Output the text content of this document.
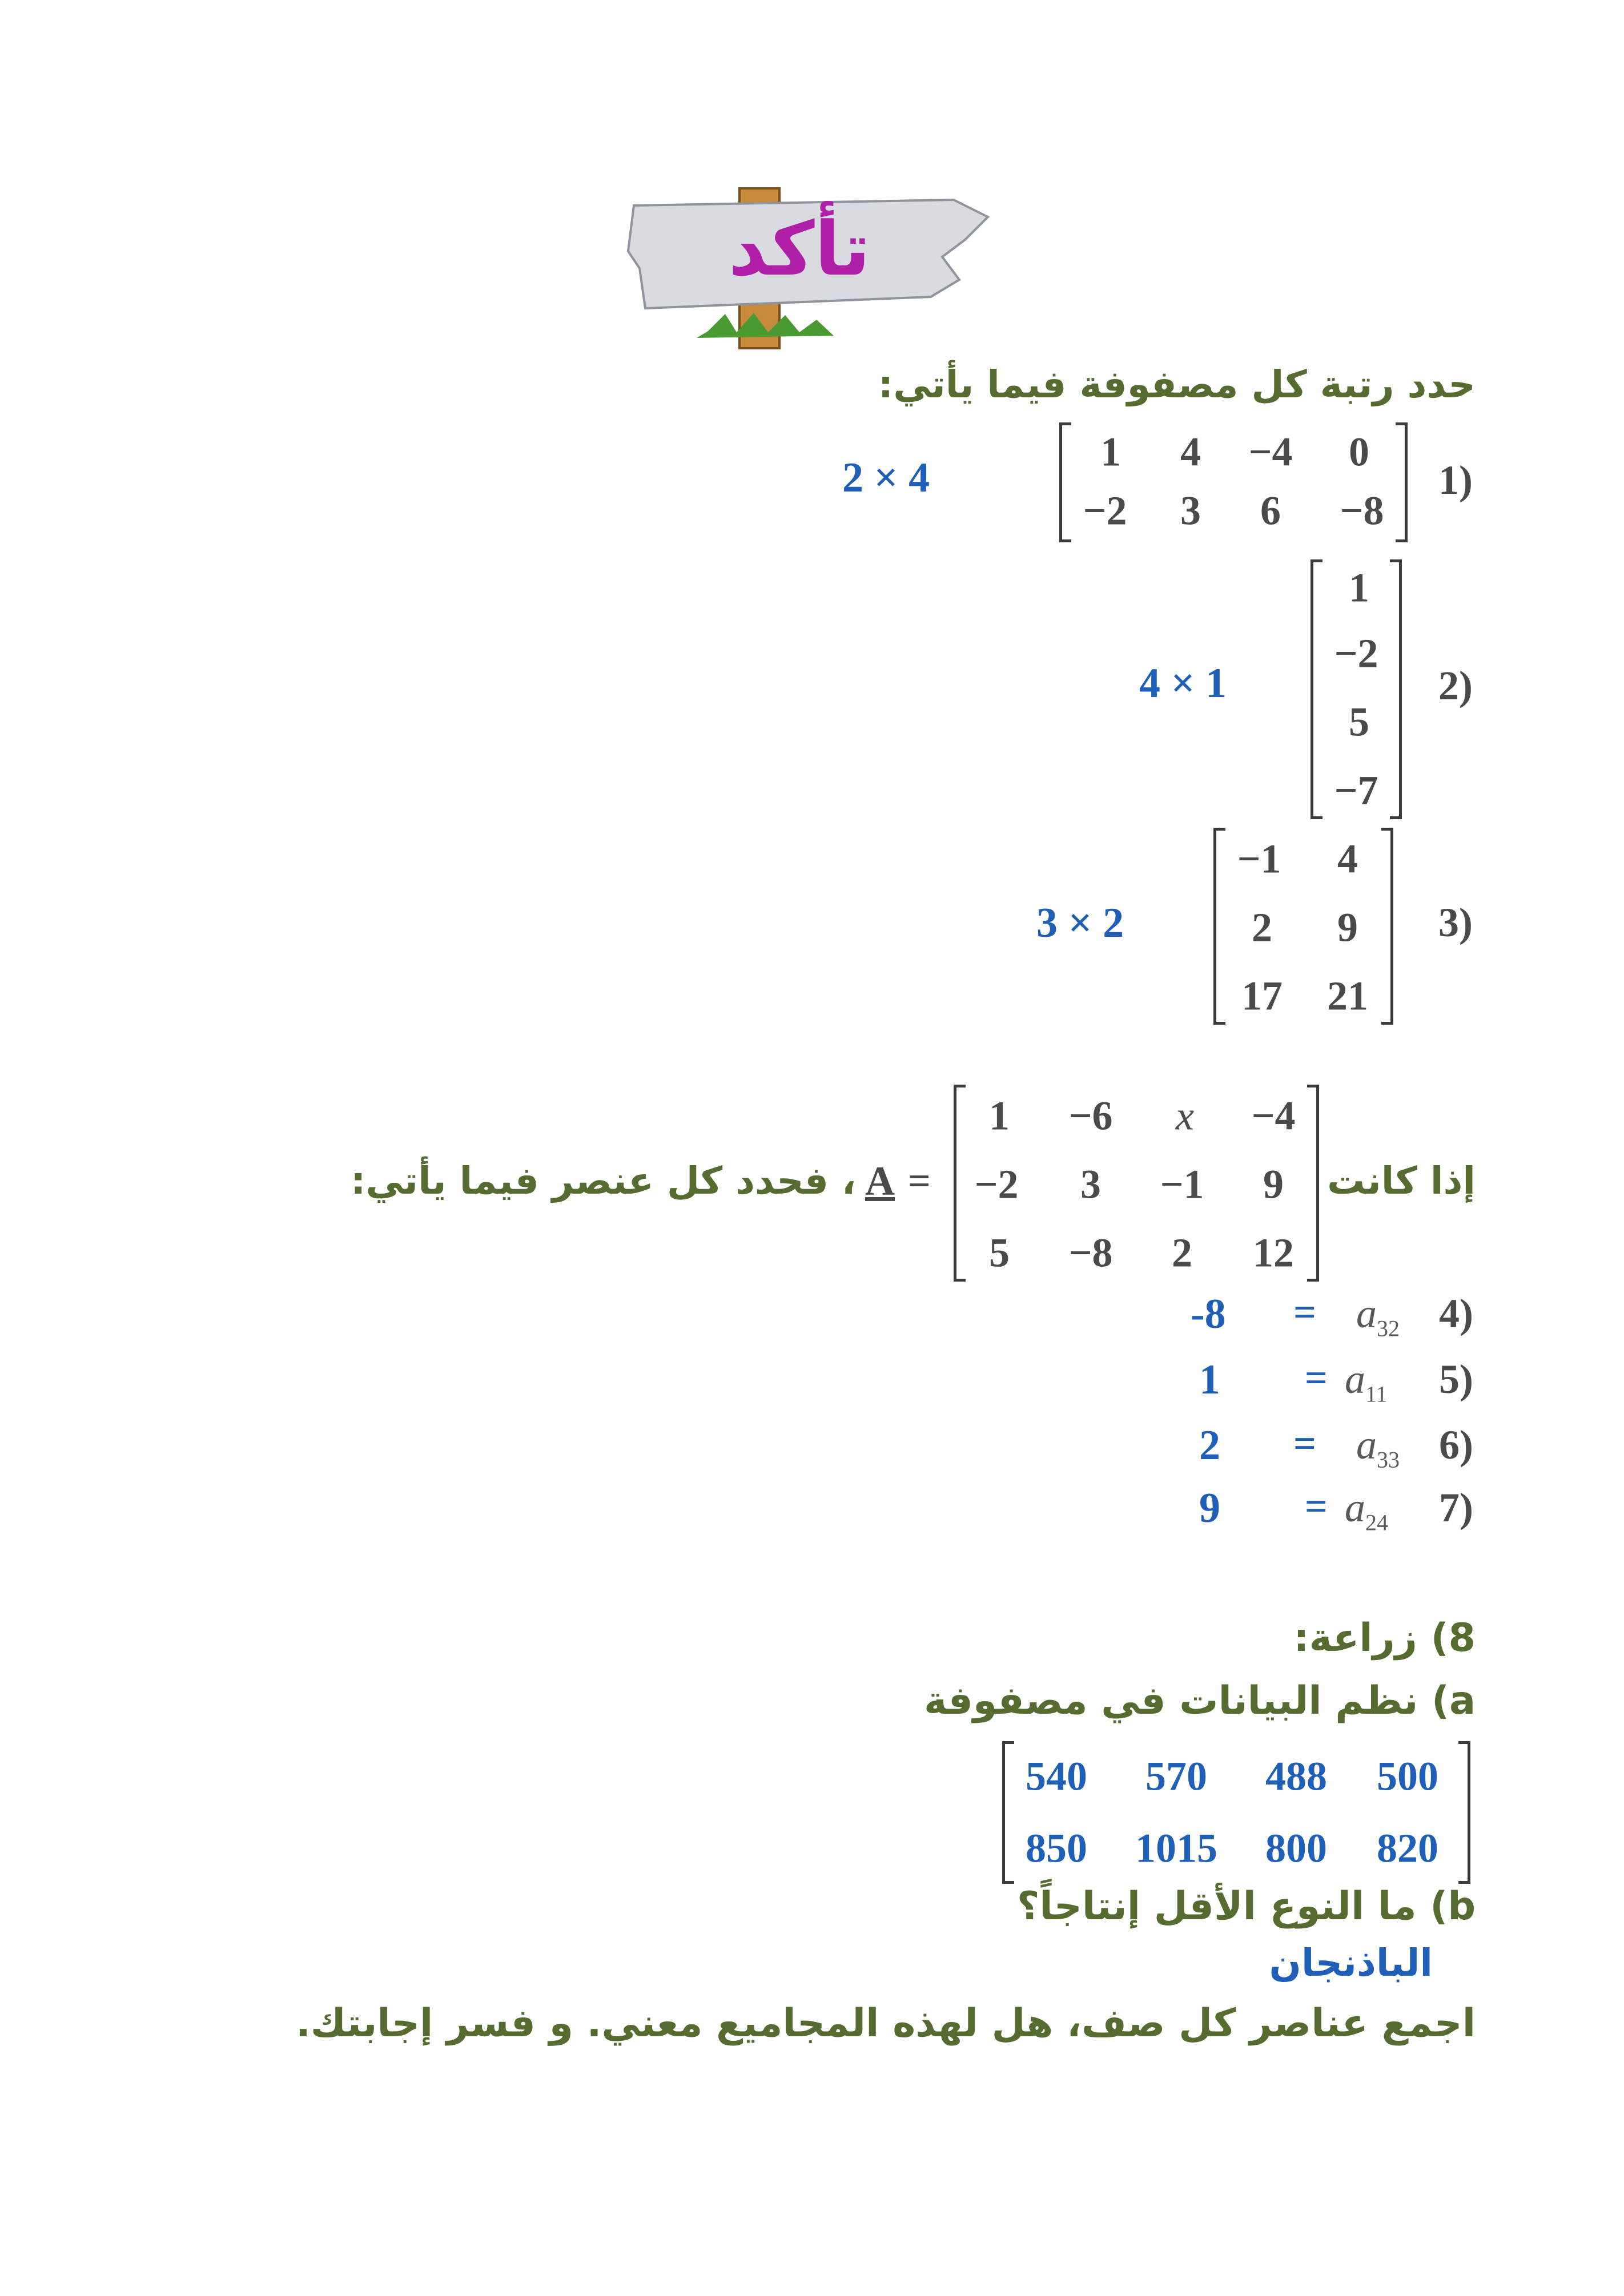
تأكد
حدد رتبة كل مصفوفة فيما يأتي:
(1
1 4 −4 0
−2 3 6 −8
2 × 4
(2
1
−2
5
−7
4 × 1
(3
−1 4
2 9
17 21
3 × 2
إذا كانت
1 −6 x −4
−2 3 −1 9
5 −8 2 12
=
A
، فحدد كل عنصر فيما يأتي:
(4
$a_{32}$
=
-8
(5
$a_{11}$
=
1
(6
$a_{33}$
=
2
(7
$a_{24}$
=
9
8) زراعة:
a) نظم البيانات في مصفوفة
540 570 488 500
850 1015 800 820
b) ما النوع الأقل إنتاجاً؟
الباذنجان
اجمع عناصر كل صف، هل لهذه المجاميع معني. و فسر إجابتك.
